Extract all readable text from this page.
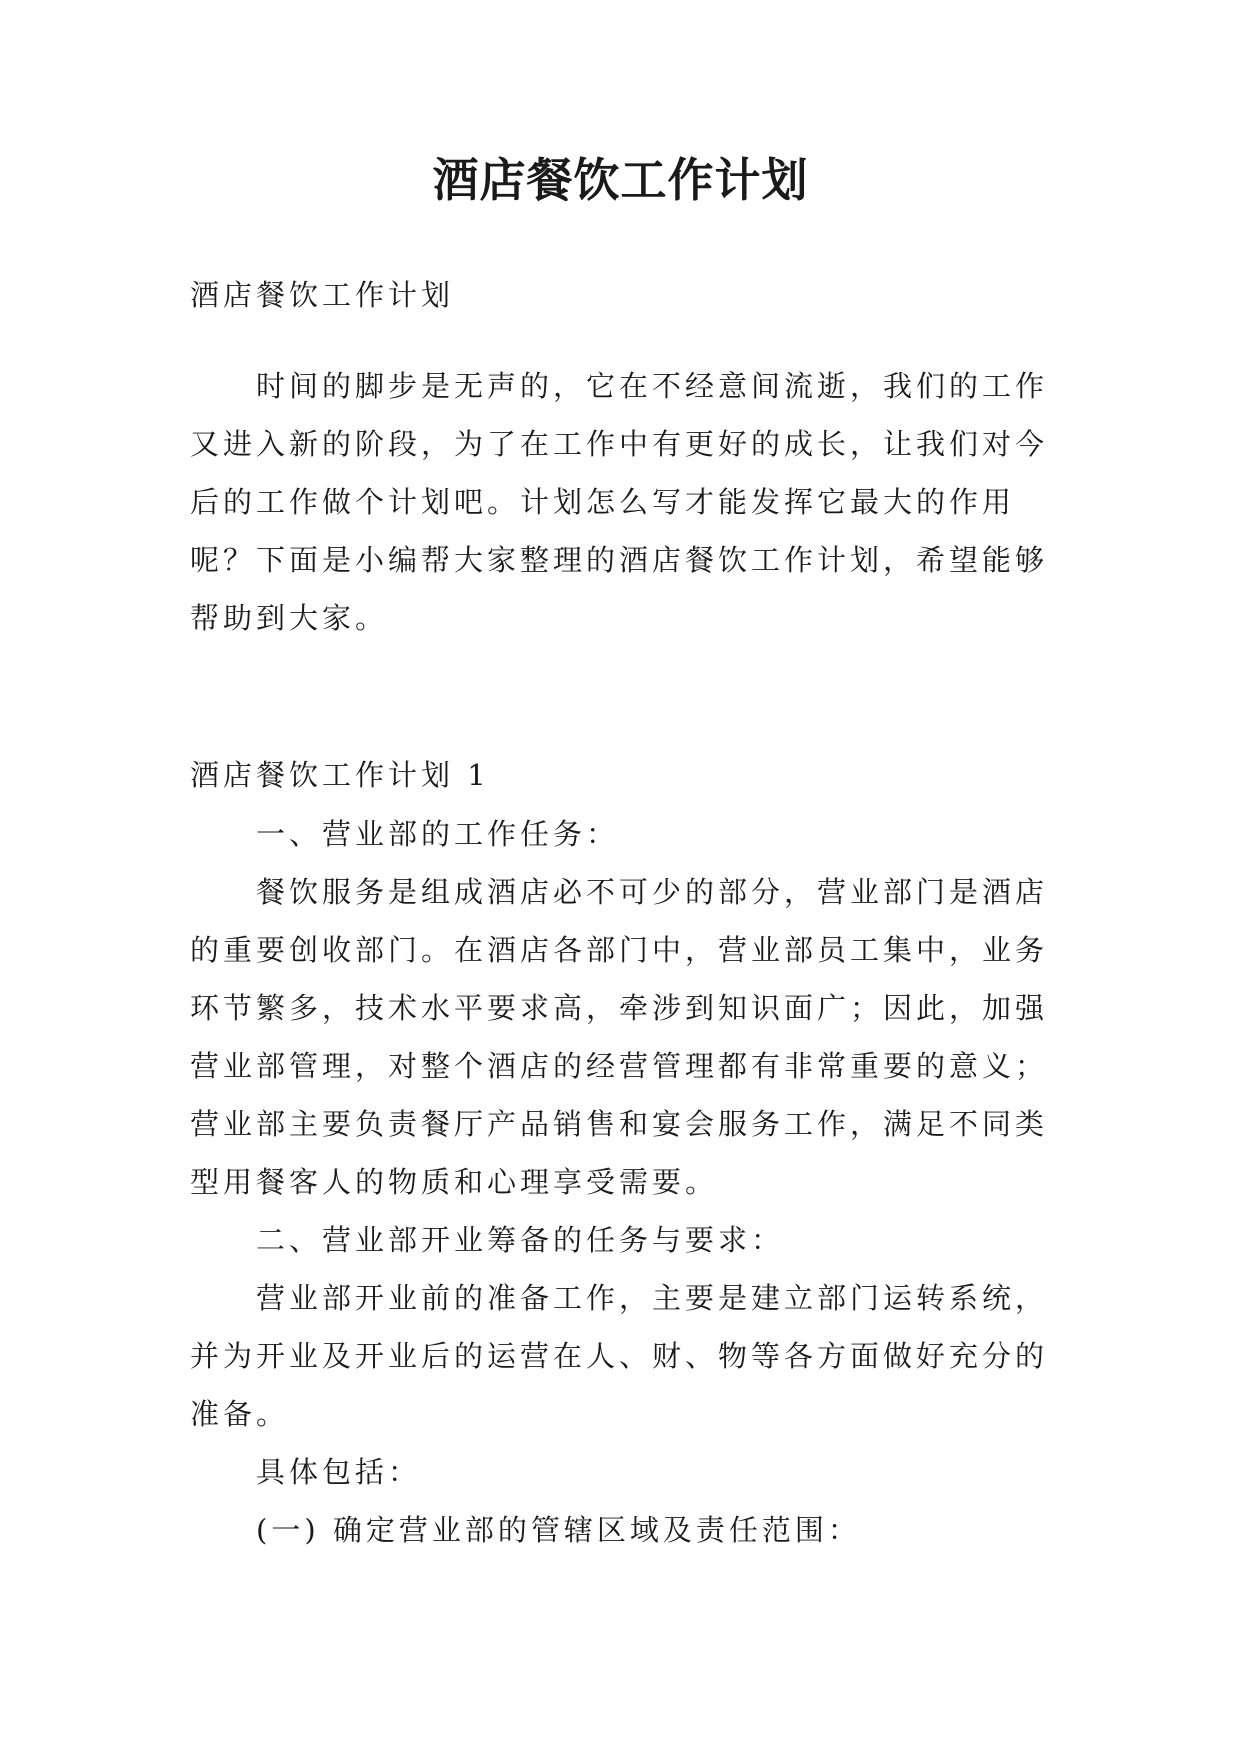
酒店餐饮工作计划

酒店餐饮工作计划

时间的脚步是无声的，它在不经意间流逝，我们的工作
又进入新的阶段，为了在工作中有更好的成长，让我们对今
后的工作做个计划吧。计划怎么写才能发挥它最大的作用
呢？下面是小编帮大家整理的酒店餐饮工作计划，希望能够
帮助到大家。

酒店餐饮工作计划 1

一、营业部的工作任务：
餐饮服务是组成酒店必不可少的部分，营业部门是酒店
的重要创收部门。在酒店各部门中，营业部员工集中，业务
环节繁多，技术水平要求高，牵涉到知识面广；因此，加强
营业部管理，对整个酒店的经营管理都有非常重要的意义；
营业部主要负责餐厅产品销售和宴会服务工作，满足不同类
型用餐客人的物质和心理享受需要。
二、营业部开业筹备的任务与要求：
营业部开业前的准备工作，主要是建立部门运转系统，
并为开业及开业后的运营在人、财、物等各方面做好充分的
准备。
具体包括：
(一) 确定营业部的管辖区域及责任范围：
